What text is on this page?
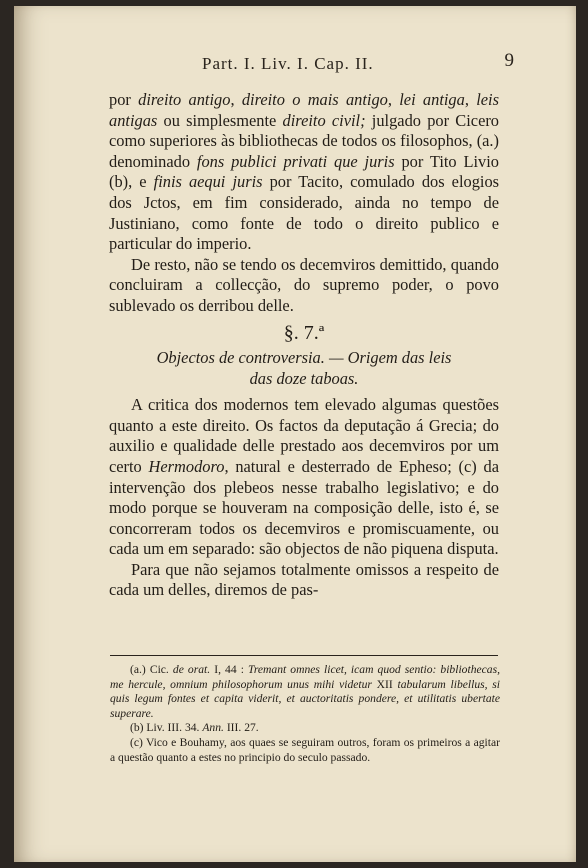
Part. I. Liv. I. Cap. II.	9

por direito antigo, direito o mais antigo, lei antiga, leis antigas ou simplesmente direito civil; julgado por Cicero como superiores às bibliothecas de todos os filosophos, (a.) denominado fons publici privati que juris por Tito Livio (b), e finis aequi juris por Tacito, comulado dos elogios dos Jctos, em fim considerado, ainda no tempo de Justiniano, como fonte de todo o direito publico e particular do imperio.

De resto, não se tendo os decemviros demittido, quando concluiram a collecção, do supremo poder, o povo sublevado os derribou delle.

§. 7.ª
Objectos de controversia. — Origem das leis
das doze taboas.

A critica dos modernos tem elevado algumas questões quanto a este direito. Os factos da deputação á Grecia; do auxilio e qualidade delle prestado aos decemviros por um certo Hermodoro, natural e desterrado de Epheso; (c) da intervenção dos plebeos nesse trabalho legislativo; e do modo porque se houveram na composição delle, isto é, se concorreram todos os decemviros e promiscuamente, ou cada um em separado: são objectos de não piquena disputa.

Para que não sejamos totalmente omissos a respeito de cada um delles, diremos de pas-

(a.) Cic. de orat. I, 44 : Tremant omnes licet, icam quod sentio: bibliothecas, me hercule, omnium philosophorum unus mihi videtur XII tabularum libellus, si quis legum fontes et capita viderit, et auctoritatis pondere, et utilitatis ubertate superare.

(b) Liv. III. 34. Ann. III. 27.

(c) Vico e Bouhamy, aos quaes se seguiram outros, foram os primeiros a agitar a questão quanto a estes no principio do seculo passado.
